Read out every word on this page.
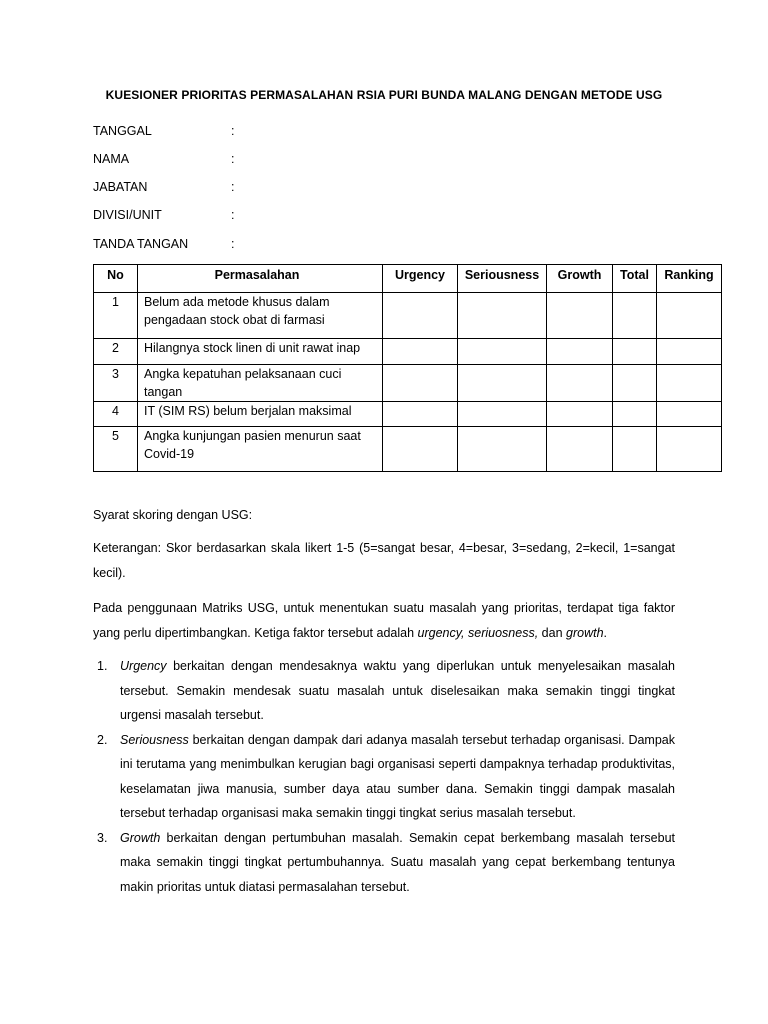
KUESIONER PRIORITAS PERMASALAHAN RSIA PURI BUNDA MALANG DENGAN METODE USG
TANGGAL	:
NAMA	:
JABATAN	:
DIVISI/UNIT	:
TANDA TANGAN	:
No	Permasalahan	Urgency	Seriousness	Growth	Total	Ranking
1	Belum ada metode khusus dalam pengadaan stock obat di farmasi					
2	Hilangnya stock linen di unit rawat inap					
3	Angka kepatuhan pelaksanaan cuci tangan					
4	IT (SIM RS) belum berjalan maksimal					
5	Angka kunjungan pasien menurun saat Covid-19					
Syarat skoring dengan USG:
Keterangan: Skor berdasarkan skala likert 1-5 (5=sangat besar, 4=besar, 3=sedang, 2=kecil, 1=sangat kecil).
Pada penggunaan Matriks USG, untuk menentukan suatu masalah yang prioritas, terdapat tiga faktor yang perlu dipertimbangkan. Ketiga faktor tersebut adalah urgency, seriuosness, dan growth.
1. Urgency berkaitan dengan mendesaknya waktu yang diperlukan untuk menyelesaikan masalah tersebut. Semakin mendesak suatu masalah untuk diselesaikan maka semakin tinggi tingkat urgensi masalah tersebut.
2. Seriousness berkaitan dengan dampak dari adanya masalah tersebut terhadap organisasi. Dampak ini terutama yang menimbulkan kerugian bagi organisasi seperti dampaknya terhadap produktivitas, keselamatan jiwa manusia, sumber daya atau sumber dana. Semakin tinggi dampak masalah tersebut terhadap organisasi maka semakin tinggi tingkat serius masalah tersebut.
3. Growth berkaitan dengan pertumbuhan masalah. Semakin cepat berkembang masalah tersebut maka semakin tinggi tingkat pertumbuhannya. Suatu masalah yang cepat berkembang tentunya makin prioritas untuk diatasi permasalahan tersebut.
